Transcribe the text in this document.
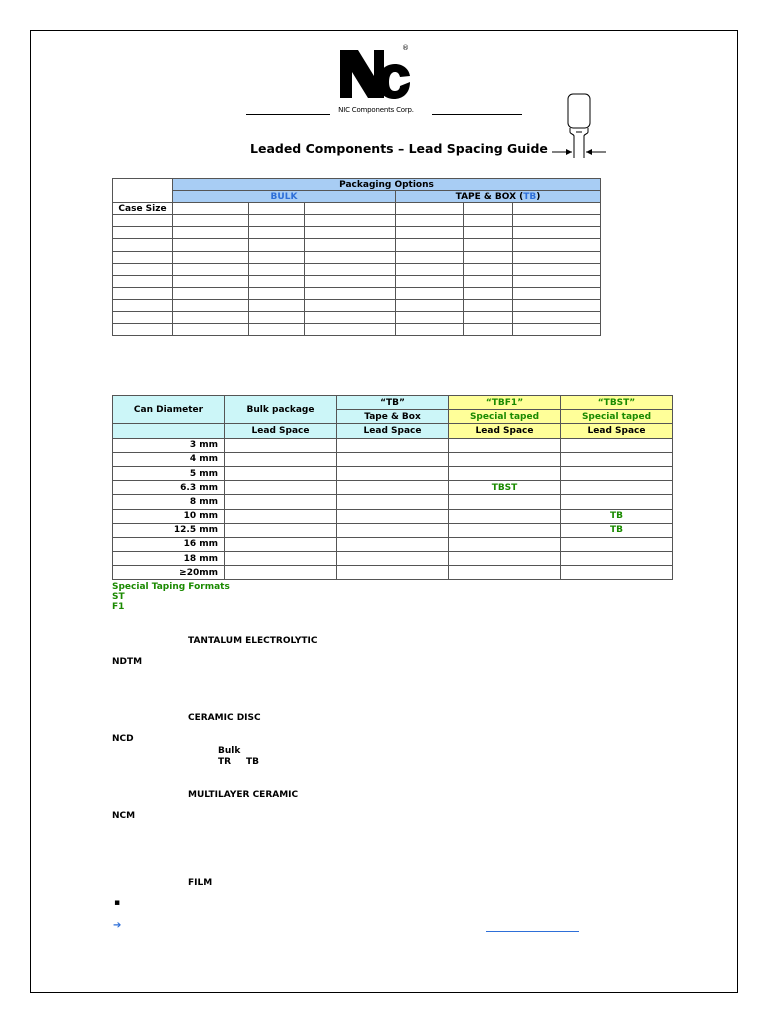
®
NIC Components Corp.
Leaded Components – Lead Spacing Guide
	Packaging Options					
	BULK			TAPE & BOX (TB)		
Case Size						

Can Diameter	Bulk package	“TB”	“TBF1”	“TBST”
		Tape & Box	Special taped	Special taped
	Lead Space	Lead Space	Lead Space	Lead Space
3 mm				
4 mm				
5 mm				
6.3 mm			TBST	
8 mm				
10 mm				TB
12.5 mm				TB
16 mm				
18 mm				
≥20mm				
Special Taping Formats
ST
F1
TANTALUM ELECTROLYTIC
NDTM
CERAMIC DISC
NCD
Bulk
TR TB
MULTILAYER CERAMIC
NCM
FILM
▪
➔
